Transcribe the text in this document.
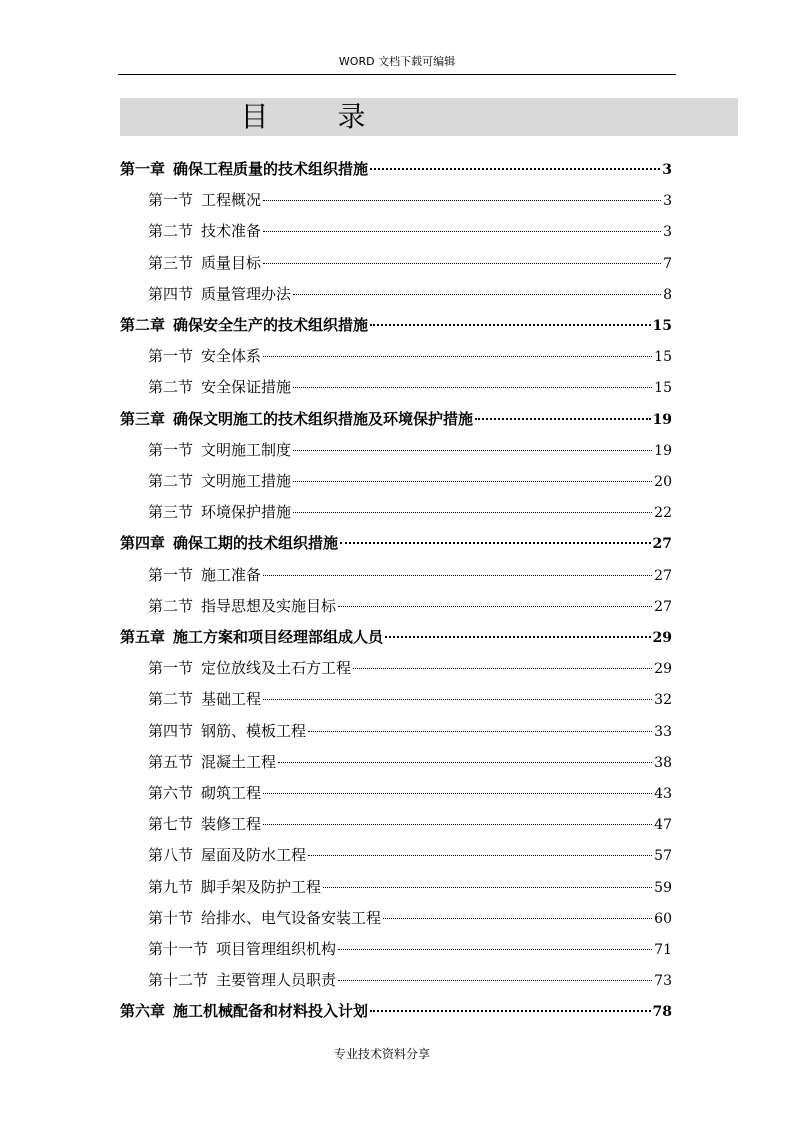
WORD 文档下载可编辑
目 录
第一章 确保工程质量的技术组织措施	3
第一节 工程概况	3
第二节 技术准备	3
第三节 质量目标	7
第四节 质量管理办法	8
第二章 确保安全生产的技术组织措施	15
第一节 安全体系	15
第二节 安全保证措施	15
第三章 确保文明施工的技术组织措施及环境保护措施	19
第一节 文明施工制度	19
第二节 文明施工措施	20
第三节 环境保护措施	22
第四章 确保工期的技术组织措施	27
第一节 施工准备	27
第二节 指导思想及实施目标	27
第五章 施工方案和项目经理部组成人员	29
第一节 定位放线及土石方工程	29
第二节 基础工程	32
第四节 钢筋、模板工程	33
第五节 混凝土工程	38
第六节 砌筑工程	43
第七节 装修工程	47
第八节 屋面及防水工程	57
第九节 脚手架及防护工程	59
第十节 给排水、电气设备安装工程	60
第十一节 项目管理组织机构	71
第十二节 主要管理人员职责	73
第六章 施工机械配备和材料投入计划	78
专业技术资料分享
